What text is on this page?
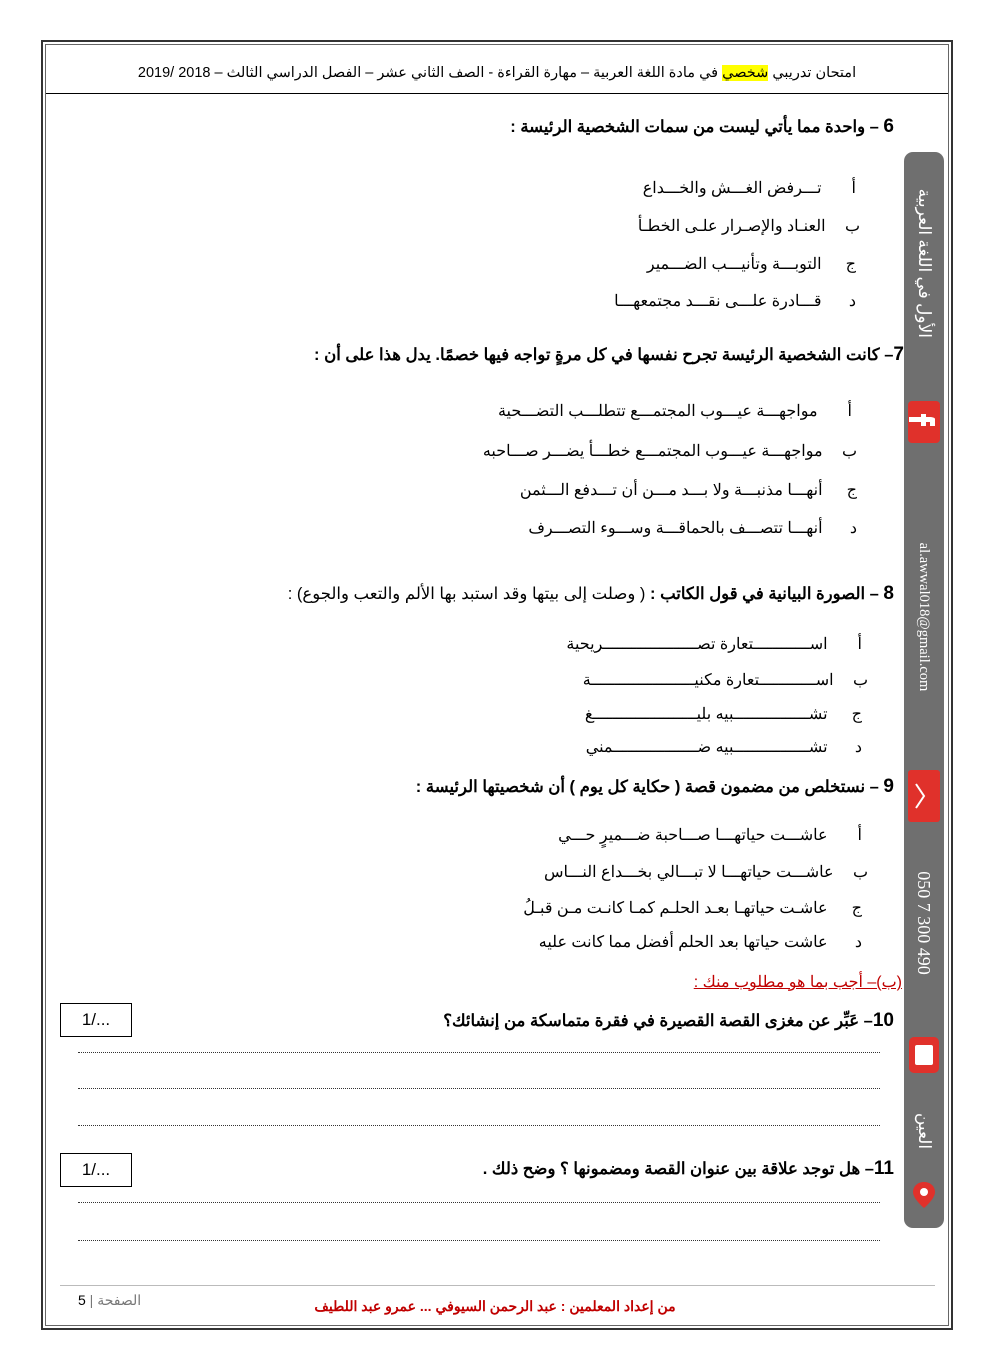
امتحان تدريبي شخصي في مادة اللغة العربية – مهارة القراءة - الصف الثاني عشر – الفصل الدراسي الثالث – 2018 /2019
6 – واحدة مما يأتي ليست من سمات الشخصية الرئيسة :
أ تـــرفض الغـــش والخـــداع
ب العنـاد والإصـرار علـى الخطـأ
ج التوبـــة وتأنيـــب الضـــمير
د قـــادرة علـــى نقـــد مجتمعهـــا
7– كانت الشخصية الرئيسة تجرح نفسها في كل مرةٍ تواجه فيها خصمًا. يدل هذا على أن :
أ مواجهـــة عيـــوب المجتمـــع تتطلـــب التضـــحية
ب مواجهـــة عيـــوب المجتمـــع خطـــأ يضـــر صـــاحبه
ج أنهـــا مذنبـــة ولا بـــد مـــن أن تـــدفع الـــثمن
د أنهـــا تتصـــف بالحماقـــة وســـوء التصـــرف
8 – الصورة البيانية في قول الكاتب : ( وصلت إلى بيتها وقد استبد بها الألم والتعب والجوع) :
أ اســــــــــــتعارة تصــــــــــــــــــــريحية
ب اســــــــــــتعارة مكنيــــــــــــــــــــــة
ج تشــــــــــــــــبيه بليــــــــــــــــــــــغ
د تشــــــــــــــــبيه ضــــــــــــــــــمني
9 – نستخلص من مضمون قصة ( حكاية كل يوم ) أن شخصيتها الرئيسة :
أ عاشـــت حياتهـــا صـــاحبة ضـــميرٍ حـــي
ب عاشـــت حياتهـــا لا تبـــالي بخـــداع النـــاس
ج عاشـت حياتهـا بعـد الحلـم كمـا كانـت مـن قبـلُ
د عاشت حياتها بعد الحلم أفضل مما كانت عليه
(ب)– أجب بما هو مطلوب منك :
10– عَبِّر عن مغزى القصة القصيرة في فقرة متماسكة من إنشائك؟
1/...
11– هل توجد علاقة بين عنوان القصة ومضمونها ؟ وضح ذلك .
1/...
الأول في اللغة العربية
al.awwal018@gmail.com
050 7 300 490
العين
5 | الصفحة	من إعداد المعلمين : عبد الرحمن السيوفي ... عمرو عبد اللطيف
